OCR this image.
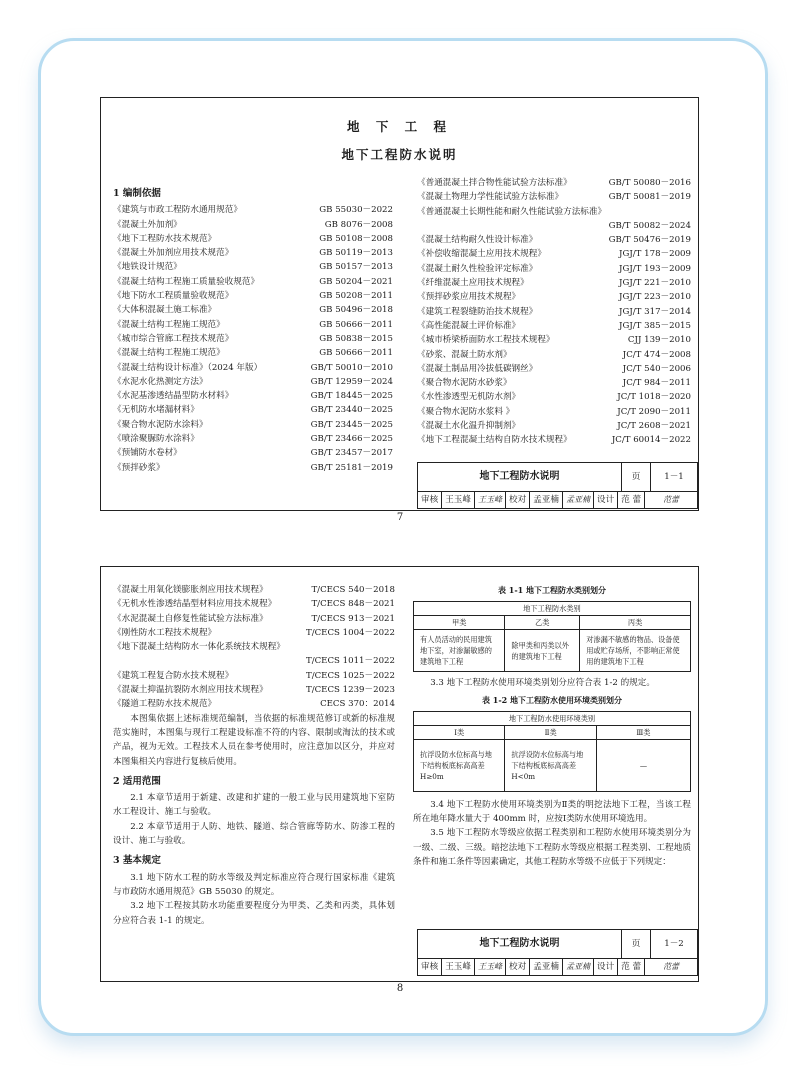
地 下 工 程
地下工程防水说明
1 编制依据
《建筑与市政工程防水通用规范》	GB 55030－2022
《混凝土外加剂》	GB 8076－2008
《地下工程防水技术规范》	GB 50108－2008
《混凝土外加剂应用技术规范》	GB 50119－2013
《地铁设计规范》	GB 50157－2013
《混凝土结构工程施工质量验收规范》	GB 50204－2021
《地下防水工程质量验收规范》	GB 50208－2011
《大体积混凝土施工标准》	GB 50496－2018
《混凝土结构工程施工规范》	GB 50666－2011
《城市综合管廊工程技术规范》	GB 50838－2015
《混凝土结构工程施工规范》	GB 50666－2011
《混凝土结构设计标准》（2024 年版）	GB/T 50010－2010
《水泥水化热测定方法》	GB/T 12959－2024
《水泥基渗透结晶型防水材料》	GB/T 18445－2025
《无机防水堵漏材料》	GB/T 23440－2025
《聚合物水泥防水涂料》	GB/T 23445－2025
《喷涂聚脲防水涂料》	GB/T 23466－2025
《预铺防水卷材》	GB/T 23457－2017
《预拌砂浆》	GB/T 25181－2019
《普通混凝土拌合物性能试验方法标准》	GB/T 50080－2016
《混凝土物理力学性能试验方法标准》	GB/T 50081－2019
《普通混凝土长期性能和耐久性能试验方法标准》
GB/T 50082－2024
《混凝土结构耐久性设计标准》	GB/T 50476－2019
《补偿收缩混凝土应用技术规程》	JGJ/T 178－2009
《混凝土耐久性检验评定标准》	JGJ/T 193－2009
《纤维混凝土应用技术规程》	JGJ/T 221－2010
《预拌砂浆应用技术规程》	JGJ/T 223－2010
《建筑工程裂缝防治技术规程》	JGJ/T 317－2014
《高性能混凝土评价标准》	JGJ/T 385－2015
《城市桥梁桥面防水工程技术规程》	CJJ 139－2010
《砂浆、混凝土防水剂》	JC/T 474－2008
《混凝土制品用冷拔低碳钢丝》	JC/T 540－2006
《聚合物水泥防水砂浆》	JC/T 984－2011
《水性渗透型无机防水剂》	JC/T 1018－2020
《聚合物水泥防水浆料 》	JC/T 2090－2011
《混凝土水化温升抑制剂》	JC/T 2608－2021
《地下工程混凝土结构自防水技术规程》	JC/T 60014－2022
地下工程防水说明	页	1－1
审核 王玉峰 王玉峰 校对 孟亚楠 孟亚楠 设计 范 蕾	范蕾
7
《混凝土用氧化镁膨胀剂应用技术规程》	T/CECS 540－2018
《无机水性渗透结晶型材料应用技术规程》	T/CECS 848－2021
《水泥混凝土自修复性能试验方法标准》	T/CECS 913－2021
《刚性防水工程技术规程》	T/CECS 1004－2022
《地下混凝土结构防水一体化系统技术规程》
T/CECS 1011－2022
《建筑工程复合防水技术规程》	T/CECS 1025－2022
《混凝土抑温抗裂防水剂应用技术规程》	T/CECS 1239－2023
《隧道工程防水技术规范》	CECS 370：2014
本图集依据上述标准规范编制，当依据的标准规范修订或新的标准规范实施时，本图集与现行工程建设标准不符的内容、限制或淘汰的技术或产品，视为无效。工程技术人员在参考使用时，应注意加以区分，并应对本图集相关内容进行复核后使用。
2 适用范围
2.1 本章节适用于新建、改建和扩建的一般工业与民用建筑地下室防水工程设计、施工与验收。
2.2 本章节适用于人防、地铁、隧道、综合管廊等防水、防渗工程的设计、施工与验收。
3 基本规定
3.1 地下防水工程的防水等级及判定标准应符合现行国家标准《建筑与市政防水通用规范》GB 55030 的规定。
3.2 地下工程按其防水功能重要程度分为甲类、乙类和丙类，具体划分应符合表 1-1 的规定。
表 1-1 地下工程防水类别划分
地下工程防水类别		
甲类	乙类	丙类
有人员活动的民用建筑地下室，对渗漏敏感的建筑地下工程	除甲类和丙类以外的建筑地下工程	对渗漏不敏感的物品、设备使用或贮存场所，不影响正常使用的建筑地下工程
3.3 地下工程防水使用环境类别划分应符合表 1-2 的规定。
表 1-2 地下工程防水使用环境类别划分
地下工程防水使用环境类别		
Ⅰ类	Ⅱ类	Ⅲ类
抗浮设防水位标高与地下结构板底标高高差 H≥0m	抗浮设防水位标高与地下结构板底标高高差 H<0m	—
3.4 地下工程防水使用环境类别为Ⅱ类的明挖法地下工程，当该工程所在地年降水量大于 400mm 时，应按Ⅰ类防水使用环境选用。
3.5 地下工程防水等级应依据工程类别和工程防水使用环境类别分为一级、二级、三级。暗挖法地下工程防水等级应根据工程类别、工程地质条件和施工条件等因素确定，其他工程防水等级不应低于下列规定：
地下工程防水说明	页	1－2
审核 王玉峰 王玉峰 校对 孟亚楠 孟亚楠 设计 范 蕾	范蕾
8
